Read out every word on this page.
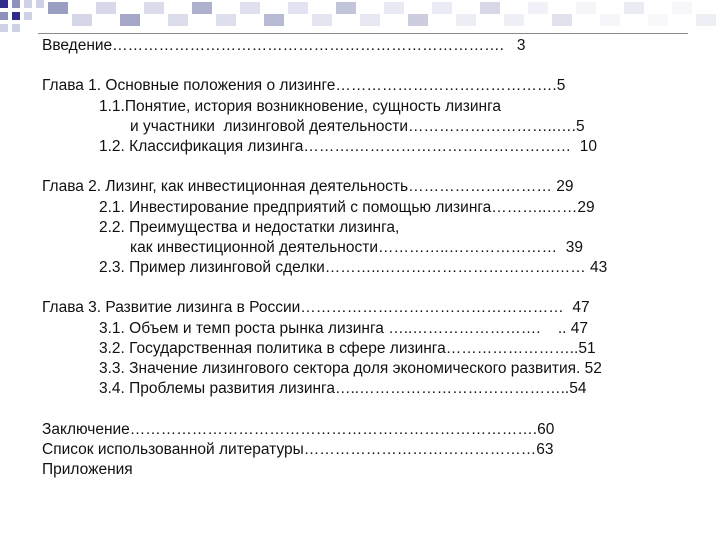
Введение………………………………………………………………….   3
Глава 1. Основные положения о лизинге…………………………………….5
1.1.Понятие, история возникновение, сущность лизинга
и участники  лизинговой деятельности………………………..….5
1.2. Классификация лизинга……….……………………………………  10
Глава 2. Лизинг, как инвестиционная деятельность……………….……… 29
2.1. Инвестирование предприятий с помощью лизинга………..……29
2.2. Преимущества и недостатки лизинга,
как инвестиционной деятельности…………..…………………  39
2.3. Пример лизинговой сделки………..…………………………….…… 43
Глава 3. Развитие лизинга в России……………………………………………  47
3.1. Объем и темп роста рынка лизинга …..…………………….    .. 47
3.2. Государственная политика в сфере лизинга……………………..51
3.3. Значение лизингового сектора доля экономического развития. 52
3.4. Проблемы развития лизинга…..…………………………………..54
Заключение…………………………………………………………………….60
Список использованной литературы………………………………………63
Приложения
